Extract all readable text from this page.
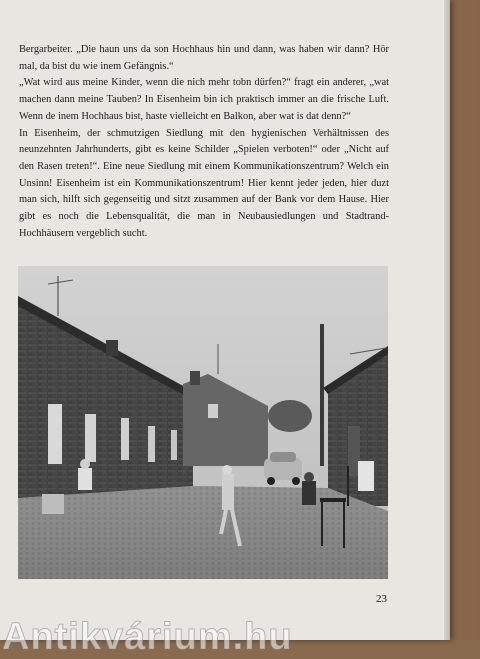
Bergarbeiter. „Die haun uns da son Hochhaus hin und dann, was haben wir dann? Hör mal, da bist du wie inem Gefängnis.“

„Wat wird aus meine Kinder, wenn die nich mehr tobn dürfen?“ fragt ein anderer, „wat machen dann meine Tauben? In Eisenheim bin ich praktisch immer an die frische Luft. Wenn de inem Hochhaus bist, haste vielleicht en Balkon, aber wat is dat denn?“

In Eisenheim, der schmutzigen Siedlung mit den hygienischen Verhältnissen des neunzehnten Jahrhunderts, gibt es keine Schilder „Spielen verboten!“ oder „Nicht auf den Rasen treten!“. Eine neue Siedlung mit einem Kommunikationszentrum? Welch ein Unsinn! Eisenheim ist ein Kommunikationszentrum! Hier kennt jeder jeden, hier duzt man sich, hilft sich gegenseitig und sitzt zusammen auf der Bank vor dem Hause. Hier gibt es noch die Lebensqualität, die man in Neubausiedlungen und Stadtrand-Hochhäusern vergeblich sucht.

23
Antikvárium.hu
